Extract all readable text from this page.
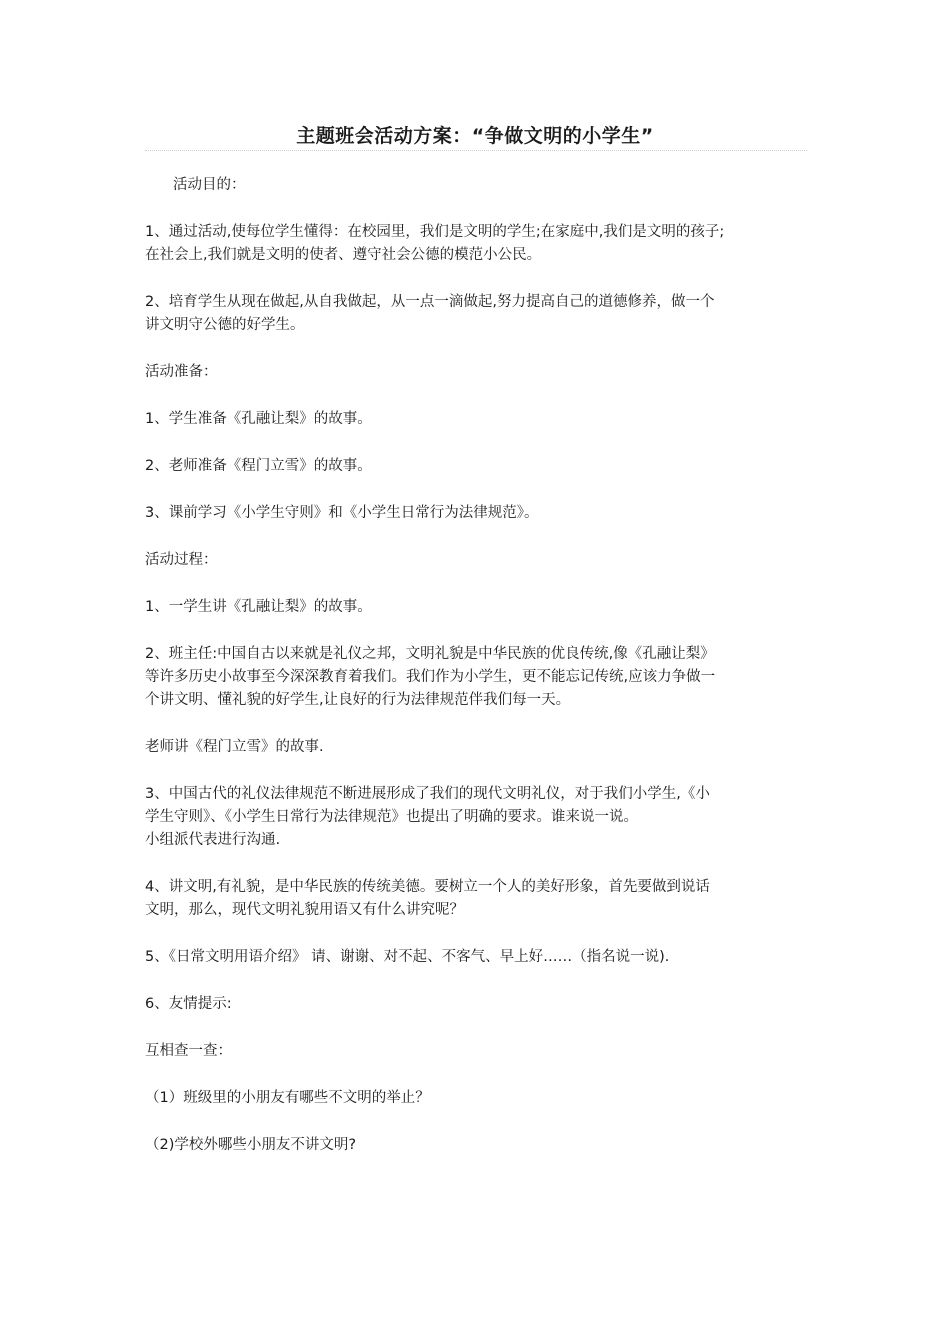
主题班会活动方案：“争做文明的小学生”
活动目的：
1、通过活动,使每位学生懂得：在校园里，我们是文明的学生;在家庭中,我们是文明的孩子;
在社会上,我们就是文明的使者、遵守社会公德的模范小公民。
2、培育学生从现在做起,从自我做起，从一点一滴做起,努力提高自己的道德修养，做一个
讲文明守公德的好学生。
活动准备：
1、学生准备《孔融让梨》的故事。
2、老师准备《程门立雪》的故事。
3、课前学习《小学生守则》和《小学生日常行为法律规范》。
活动过程：
1、一学生讲《孔融让梨》的故事。
2、班主任:中国自古以来就是礼仪之邦，文明礼貌是中华民族的优良传统,像《孔融让梨》
等许多历史小故事至今深深教育着我们。我们作为小学生，更不能忘记传统,应该力争做一
个讲文明、懂礼貌的好学生,让良好的行为法律规范伴我们每一天。
老师讲《程门立雪》的故事.
3、中国古代的礼仪法律规范不断进展形成了我们的现代文明礼仪，对于我们小学生,《小
学生守则》、《小学生日常行为法律规范》也提出了明确的要求。谁来说一说。
小组派代表进行沟通.
4、讲文明,有礼貌，是中华民族的传统美德。要树立一个人的美好形象，首先要做到说话
文明，那么，现代文明礼貌用语又有什么讲究呢？
5、《日常文明用语介绍》 请、谢谢、对不起、不客气、早上好……（指名说一说).
6、友情提示:
互相查一查：
（1）班级里的小朋友有哪些不文明的举止？
（2)学校外哪些小朋友不讲文明?
